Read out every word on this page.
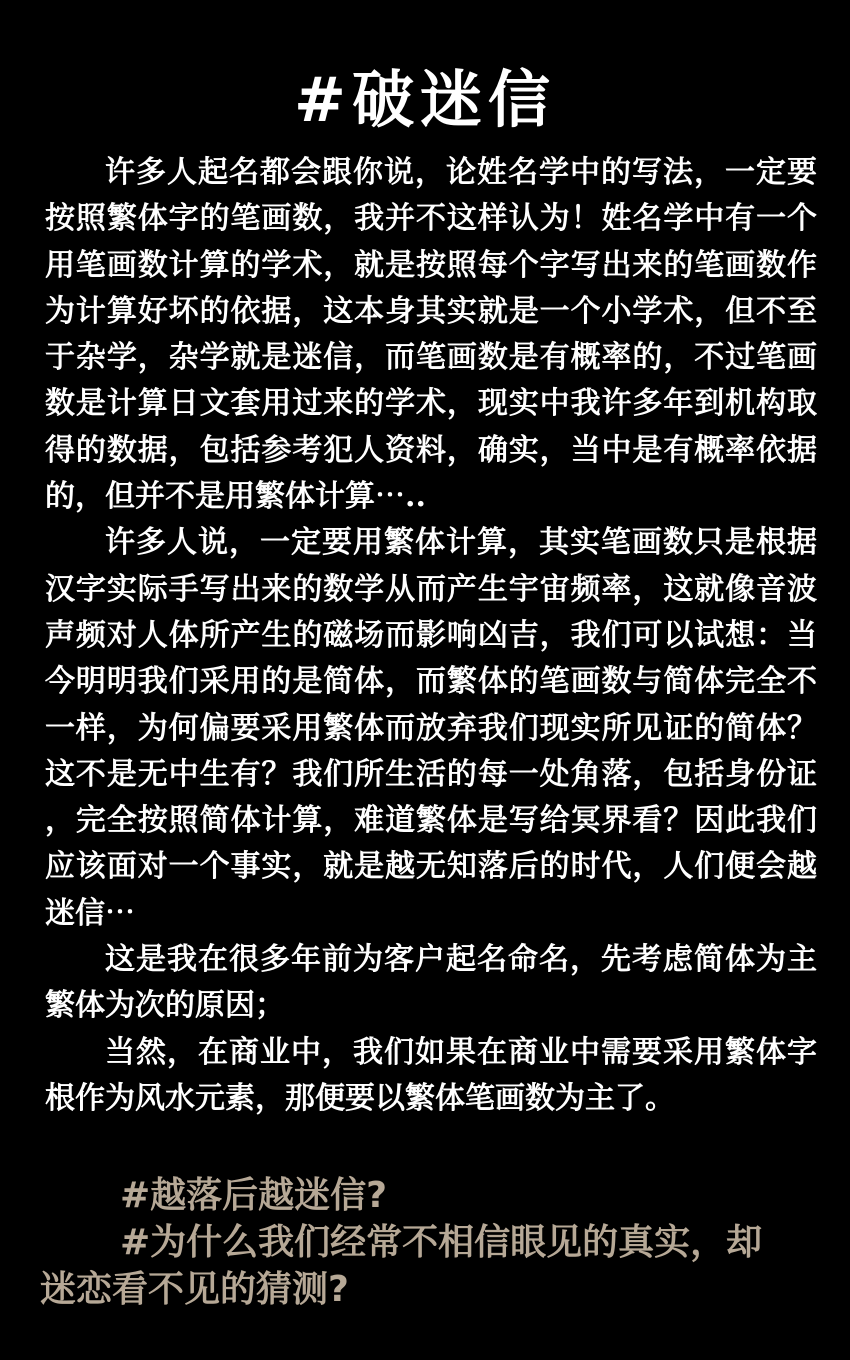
#破迷信
许多人起名都会跟你说，论姓名学中的写法，一定要
按照繁体字的笔画数，我并不这样认为！姓名学中有一个
用笔画数计算的学术，就是按照每个字写出来的笔画数作
为计算好坏的依据，这本身其实就是一个小学术，但不至
于杂学，杂学就是迷信，而笔画数是有概率的，不过笔画
数是计算日文套用过来的学术，现实中我许多年到机构取
得的数据，包括参考犯人资料，确实，当中是有概率依据
的，但并不是用繁体计算⋯..
许多人说，一定要用繁体计算，其实笔画数只是根据
汉字实际手写出来的数学从而产生宇宙频率，这就像音波
声频对人体所产生的磁场而影响凶吉，我们可以试想：当
今明明我们采用的是简体，而繁体的笔画数与简体完全不
一样，为何偏要采用繁体而放弃我们现实所见证的简体？
这不是无中生有？我们所生活的每一处角落，包括身份证
，完全按照简体计算，难道繁体是写给冥界看？因此我们
应该面对一个事实，就是越无知落后的时代，人们便会越
迷信⋯
这是我在很多年前为客户起名命名，先考虑简体为主
繁体为次的原因；
当然，在商业中，我们如果在商业中需要采用繁体字
根作为风水元素，那便要以繁体笔画数为主了。
#越落后越迷信?
#为什么我们经常不相信眼见的真实，却
迷恋看不见的猜测?
